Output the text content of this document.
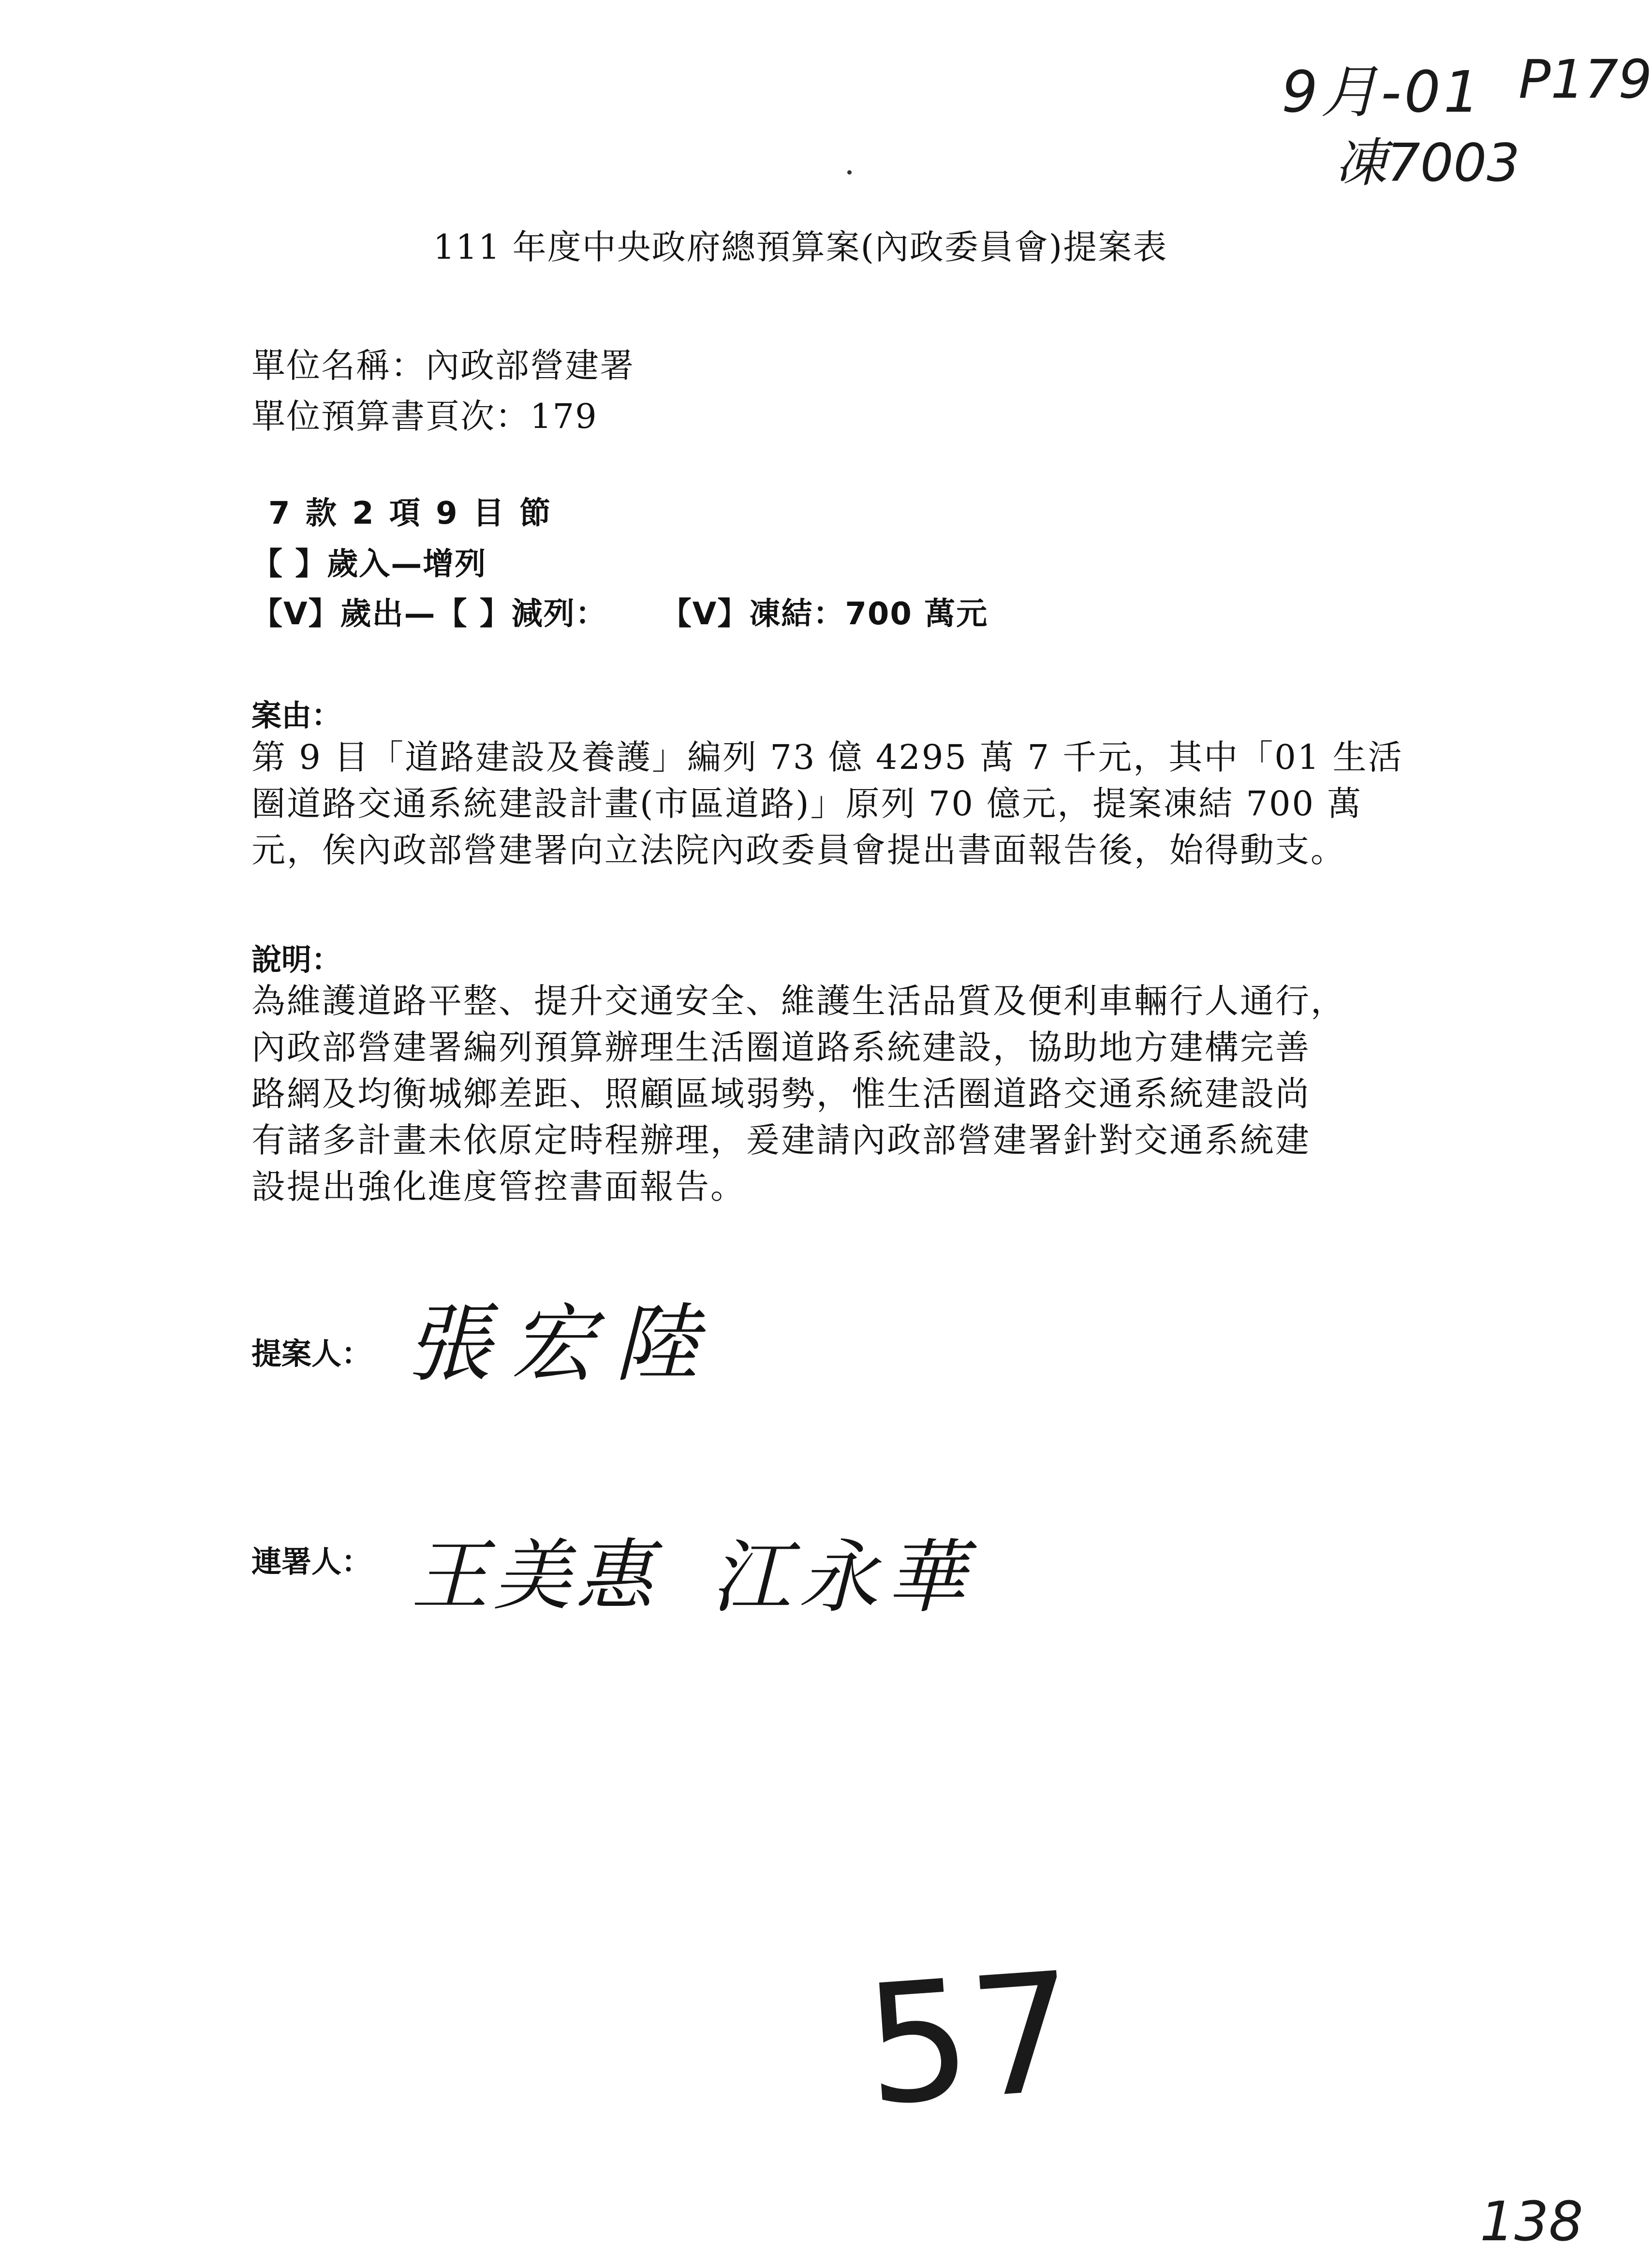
9月-01 P179
凍7003
111 年度中央政府總預算案(內政委員會)提案表
單位名稱：內政部營建署
單位預算書頁次：179
7 款 2 項 9 目 節
【 】歲入—增列
【V】歲出—【 】減列： 【V】凍結：700 萬元
案由：

第 9 目「道路建設及養護」編列 73 億 4295 萬 7 千元，其中「01 生活

圈道路交通系統建設計畫(市區道路)」原列 70 億元，提案凍結 700 萬

元，俟內政部營建署向立法院內政委員會提出書面報告後，始得動支。

說明：

為維護道路平整、提升交通安全、維護生活品質及便利車輛行人通行，

內政部營建署編列預算辦理生活圈道路系統建設，協助地方建構完善

路網及均衡城鄉差距、照顧區域弱勢，惟生活圈道路交通系統建設尚

有諸多計畫未依原定時程辦理，爰建請內政部營建署針對交通系統建

設提出強化進度管控書面報告。

提案人： 張宏陸
連署人： 王美惠 江永華
57
138
